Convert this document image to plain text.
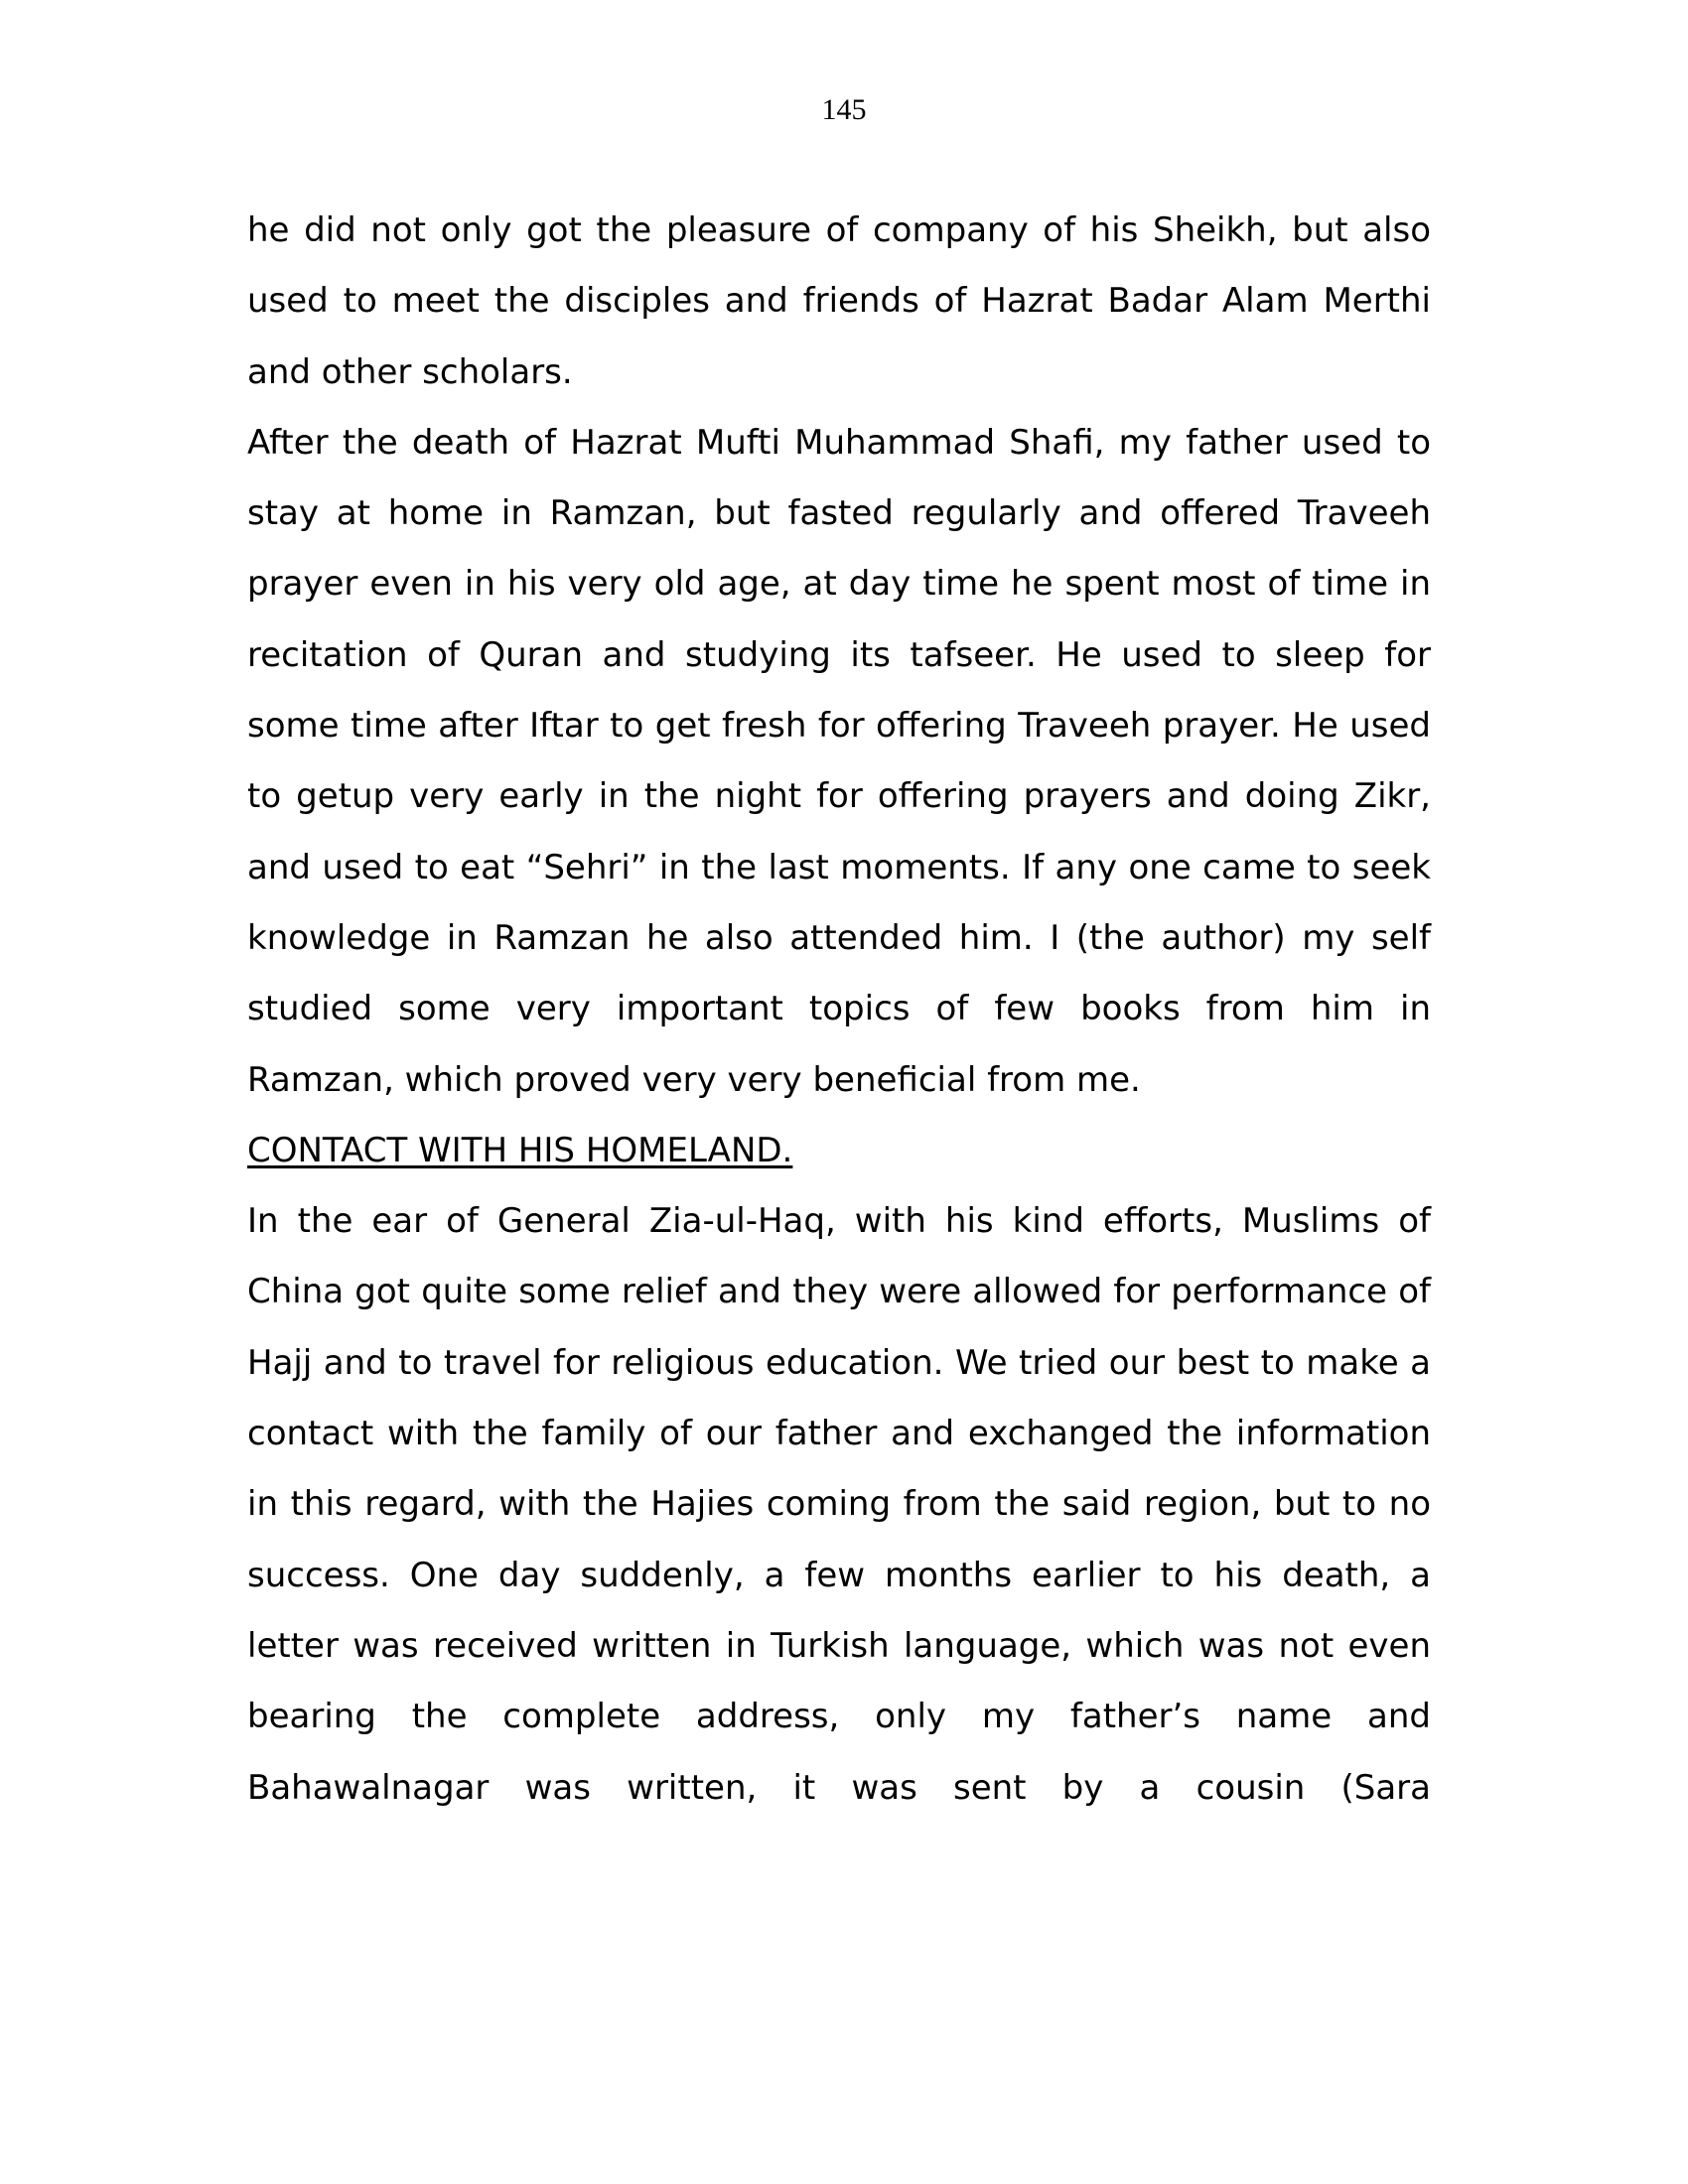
145

he did not only got the pleasure of company of his Sheikh, but also used to meet the disciples and friends of Hazrat Badar Alam Merthi and other scholars.

After the death of Hazrat Mufti Muhammad Shafi, my father used to stay at home in Ramzan, but fasted regularly and offered Traveeh prayer even in his very old age, at day time he spent most of time in recitation of Quran and studying its tafseer. He used to sleep for some time after Iftar to get fresh for offering Traveeh prayer. He used to getup very early in the night for offering prayers and doing Zikr, and used to eat “Sehri” in the last moments. If any one came to seek knowledge in Ramzan he also attended him. I (the author) my self studied some very important topics of few books from him in Ramzan, which proved very very beneficial from me.

CONTACT WITH HIS HOMELAND.

In the ear of General Zia-ul-Haq, with his kind efforts, Muslims of China got quite some relief and they were allowed for performance of Hajj and to travel for religious education. We tried our best to make a contact with the family of our father and exchanged the information in this regard, with the Hajies coming from the said region, but to no success. One day suddenly, a few months earlier to his death, a letter was received written in Turkish language, which was not even bearing the complete address, only my father’s name and Bahawalnagar was written, it was sent by a cousin (Sara
